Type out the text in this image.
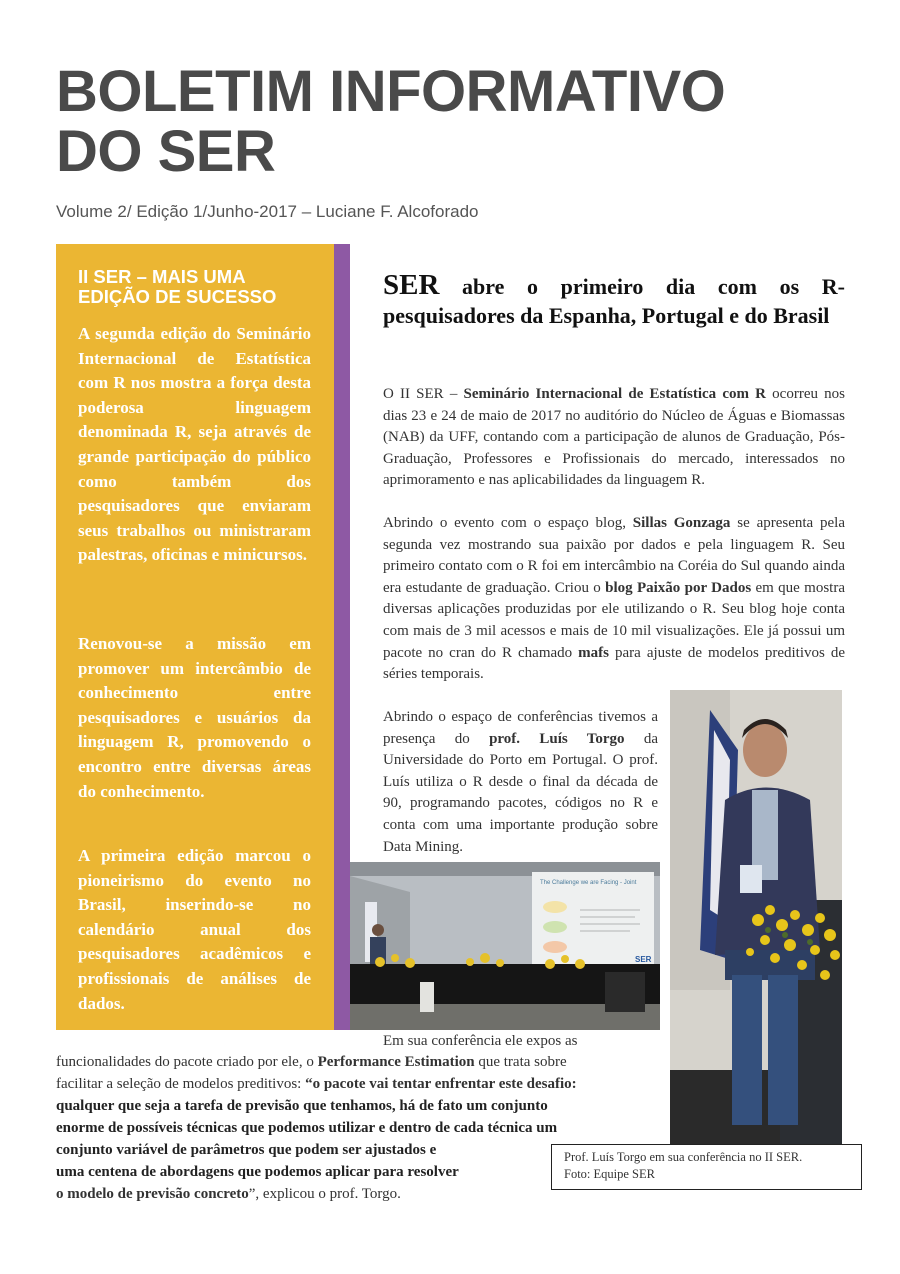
BOLETIM INFORMATIVO
DO SER
Volume 2/ Edição 1/Junho-2017 – Luciane F. Alcoforado
II SER – MAIS UMA
EDIÇÃO DE SUCESSO

A segunda edição do Seminário Internacional de Estatística com R nos mostra a força desta poderosa linguagem denominada R, seja através de grande participação do público como também dos pesquisadores que enviaram seus trabalhos ou ministraram palestras, oficinas e minicursos.

Renovou-se a missão em promover um intercâmbio de conhecimento entre pesquisadores e usuários da linguagem R, promovendo o encontro entre diversas áreas do conhecimento.

A primeira edição marcou o pioneirismo do evento no Brasil, inserindo-se no calendário anual dos pesquisadores acadêmicos e profissionais de análises de dados.

SER abre o primeiro dia com os R-pesquisadores da Espanha, Portugal e do Brasil

O II SER – Seminário Internacional de Estatística com R ocorreu nos dias 23 e 24 de maio de 2017 no auditório do Núcleo de Águas e Biomassas (NAB) da UFF, contando com a participação de alunos de Graduação, Pós-Graduação, Professores e Profissionais do mercado, interessados no aprimoramento e nas aplicabilidades da linguagem R.

Abrindo o evento com o espaço blog, Sillas Gonzaga se apresenta pela segunda vez mostrando sua paixão por dados e pela linguagem R. Seu primeiro contato com o R foi em intercâmbio na Coréia do Sul quando ainda era estudante de graduação. Criou o blog Paixão por Dados em que mostra diversas aplicações produzidas por ele utilizando o R. Seu blog hoje conta com mais de 3 mil acessos e mais de 10 mil visualizações. Ele já possui um pacote no cran do R chamado mafs para ajuste de modelos preditivos de séries temporais.

Abrindo o espaço de conferências tivemos a presença do prof. Luís Torgo da Universidade do Porto em Portugal. O prof. Luís utiliza o R desde o final da década de 90, programando pacotes, códigos no R e conta com uma importante produção sobre Data Mining.

The Challenge we are Facing - Joint
SER
Em sua conferência ele expos as
funcionalidades do pacote criado por ele, o Performance Estimation que trata sobre
facilitar a seleção de modelos preditivos: “o pacote vai tentar enfrentar este desafio:

qualquer que seja a tarefa de previsão que tenhamos, há de fato um conjunto

enorme de possíveis técnicas que podemos utilizar e dentro de cada técnica um

conjunto variável de parâmetros que podem ser ajustados e

uma centena de abordagens que podemos aplicar para resolver

o modelo de previsão concreto”, explicou o prof. Torgo.
Prof. Luís Torgo em sua conferência no II SER.
Foto: Equipe SER
